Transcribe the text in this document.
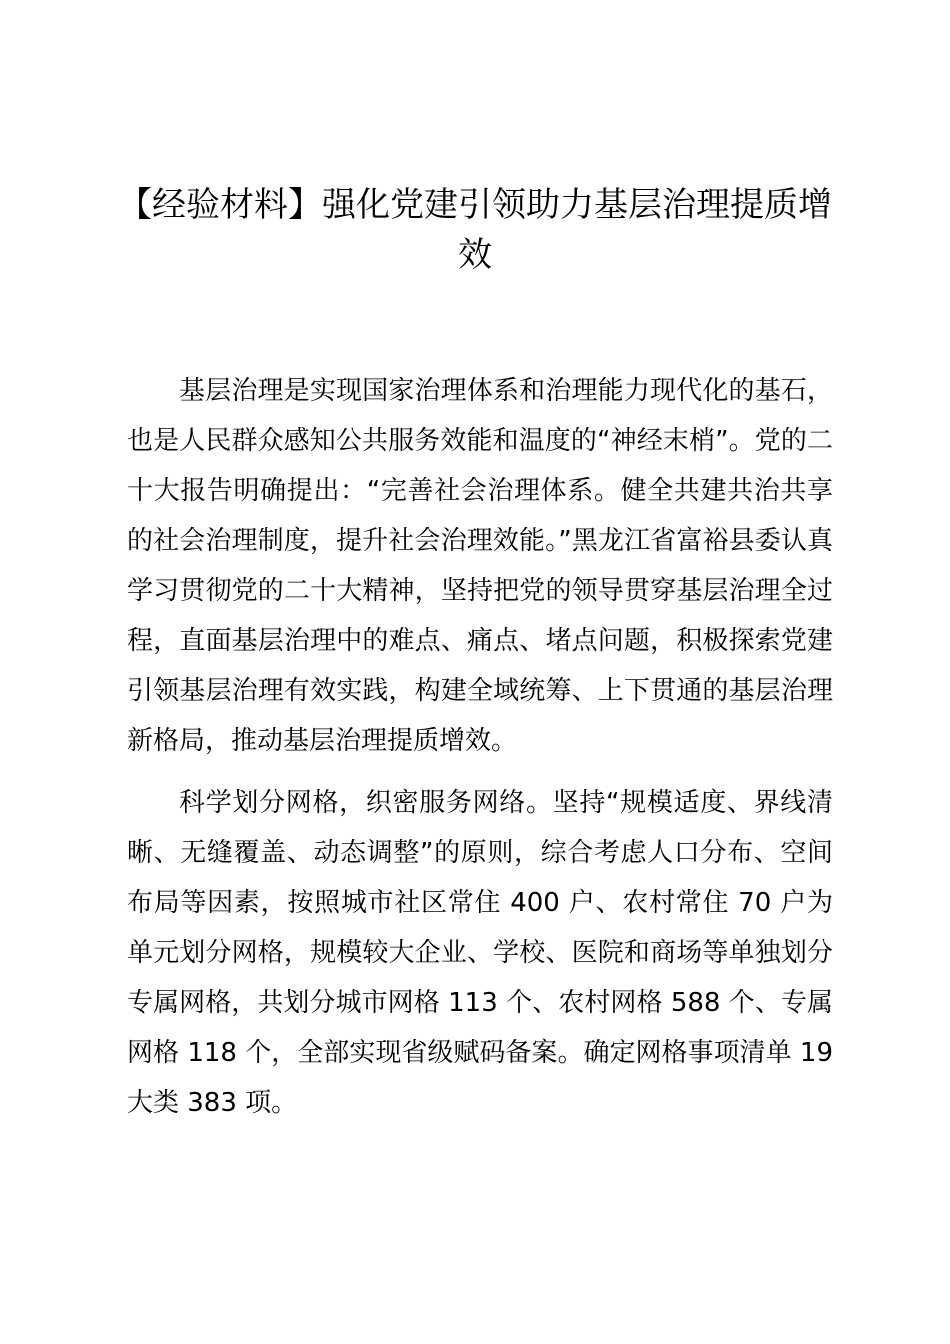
【经验材料】强化党建引领助力基层治理提质增效

基层治理是实现国家治理体系和治理能力现代化的基石，也是人民群众感知公共服务效能和温度的“神经末梢”。党的二十大报告明确提出：“完善社会治理体系。健全共建共治共享的社会治理制度，提升社会治理效能。”黑龙江省富裕县委认真学习贯彻党的二十大精神，坚持把党的领导贯穿基层治理全过程，直面基层治理中的难点、痛点、堵点问题，积极探索党建引领基层治理有效实践，构建全域统筹、上下贯通的基层治理新格局，推动基层治理提质增效。

科学划分网格，织密服务网络。坚持“规模适度、界线清晰、无缝覆盖、动态调整”的原则，综合考虑人口分布、空间布局等因素，按照城市社区常住 400 户、农村常住 70 户为单元划分网格，规模较大企业、学校、医院和商场等单独划分专属网格，共划分城市网格 113 个、农村网格 588 个、专属网格 118 个，全部实现省级赋码备案。确定网格事项清单 19 大类 383 项。
